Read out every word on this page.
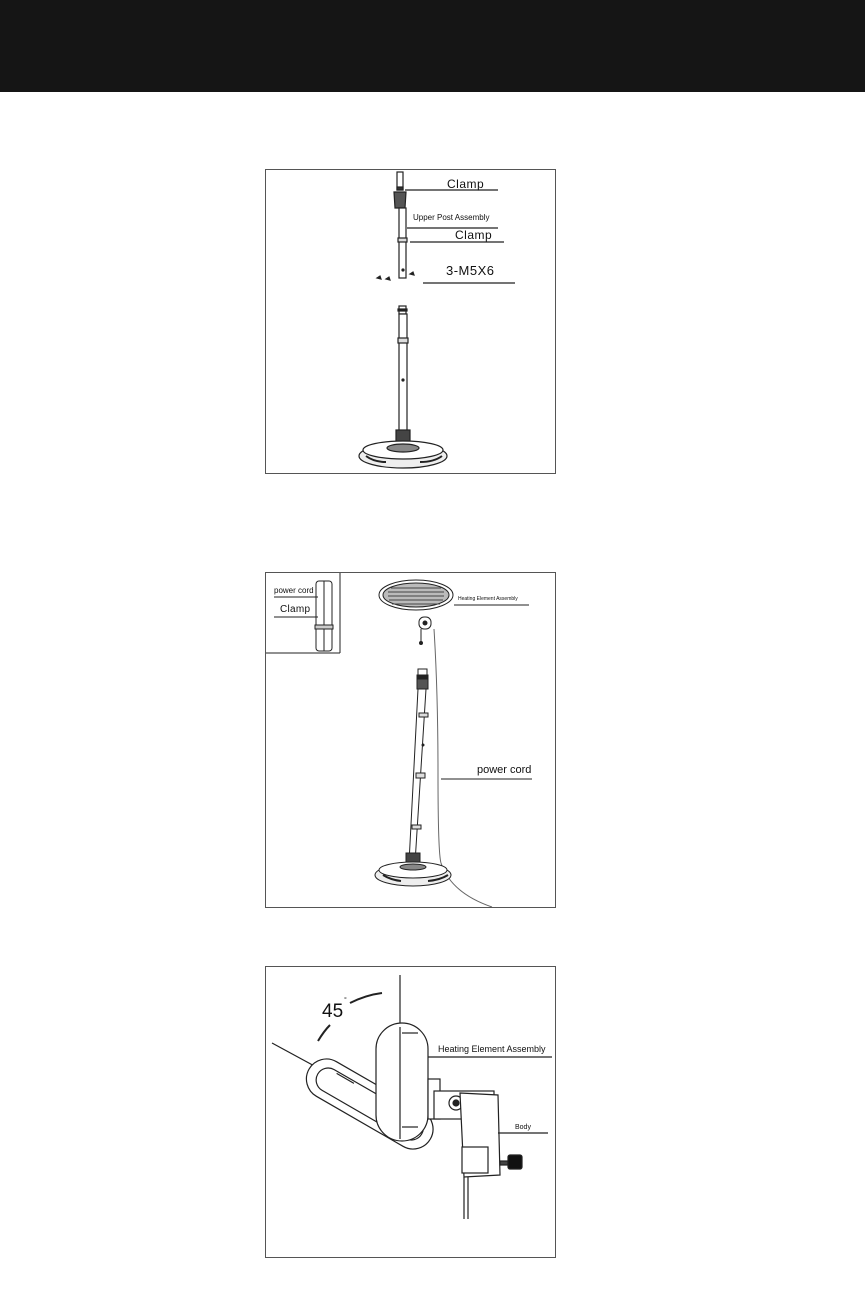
Clamp
Upper Post Assembly
Clamp
3-M5X6
power cord
Clamp
Heating Element Assembly
power cord
45
°
Heating Element Assembly
Body
